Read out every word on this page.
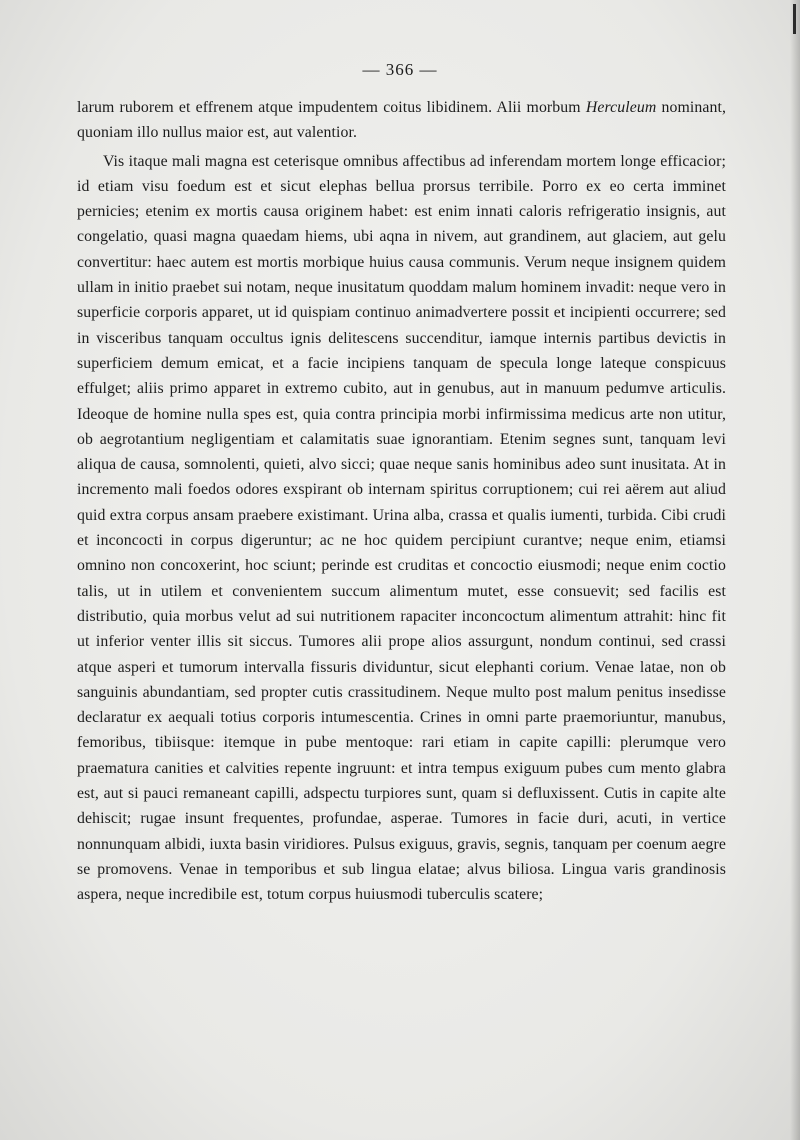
— 366 —

larum ruborem et effrenem atque impudentem coitus libidinem. Alii morbum Herculeum nominant, quoniam illo nullus maior est, aut valentior.

Vis itaque mali magna est ceterisque omnibus affectibus ad inferendam mortem longe efficacior; id etiam visu foedum est et sicut elephas bellua prorsus terribile. Porro ex eo certa imminet pernicies; etenim ex mortis causa originem habet: est enim innati caloris refrigeratio insignis, aut congelatio, quasi magna quaedam hiems, ubi aqna in nivem, aut grandinem, aut glaciem, aut gelu convertitur: haec autem est mortis morbique huius causa communis. Verum neque insignem quidem ullam in initio praebet sui notam, neque inusitatum quoddam malum hominem invadit: neque vero in superficie corporis apparet, ut id quispiam continuo animadvertere possit et incipienti occurrere; sed in visceribus tanquam occultus ignis delitescens succenditur, iamque internis partibus devictis in superficiem demum emicat, et a facie incipiens tanquam de specula longe lateque conspicuus effulget; aliis primo apparet in extremo cubito, aut in genubus, aut in manuum pedumve articulis. Ideoque de homine nulla spes est, quia contra principia morbi infirmissima medicus arte non utitur, ob aegrotantium negligentiam et calamitatis suae ignorantiam. Etenim segnes sunt, tanquam levi aliqua de causa, somnolenti, quieti, alvo sicci; quae neque sanis hominibus adeo sunt inusitata. At in incremento mali foedos odores exspirant ob internam spiritus corruptionem; cui rei aërem aut aliud quid extra corpus ansam praebere existimant. Urina alba, crassa et qualis iumenti, turbida. Cibi crudi et inconcocti in corpus digeruntur; ac ne hoc quidem percipiunt curantve; neque enim, etiamsi omnino non concoxerint, hoc sciunt; perinde est cruditas et concoctio eiusmodi; neque enim coctio talis, ut in utilem et convenientem succum alimentum mutet, esse consuevit; sed facilis est distributio, quia morbus velut ad sui nutritionem rapaciter inconcoctum alimentum attrahit: hinc fit ut inferior venter illis sit siccus. Tumores alii prope alios assurgunt, nondum continui, sed crassi atque asperi et tumorum intervalla fissuris dividuntur, sicut elephanti corium. Venae latae, non ob sanguinis abundantiam, sed propter cutis crassitudinem. Neque multo post malum penitus insedisse declaratur ex aequali totius corporis intumescentia. Crines in omni parte praemoriuntur, manubus, femoribus, tibiisque: itemque in pube mentoque: rari etiam in capite capilli: plerumque vero praematura canities et calvities repente ingruunt: et intra tempus exiguum pubes cum mento glabra est, aut si pauci remaneant capilli, adspectu turpiores sunt, quam si defluxissent. Cutis in capite alte dehiscit; rugae insunt frequentes, profundae, asperae. Tumores in facie duri, acuti, in vertice nonnunquam albidi, iuxta basin viridiores. Pulsus exiguus, gravis, segnis, tanquam per coenum aegre se promovens. Venae in temporibus et sub lingua elatae; alvus biliosa. Lingua varis grandinosis aspera, neque incredibile est, totum corpus huiusmodi tuberculis scatere;
